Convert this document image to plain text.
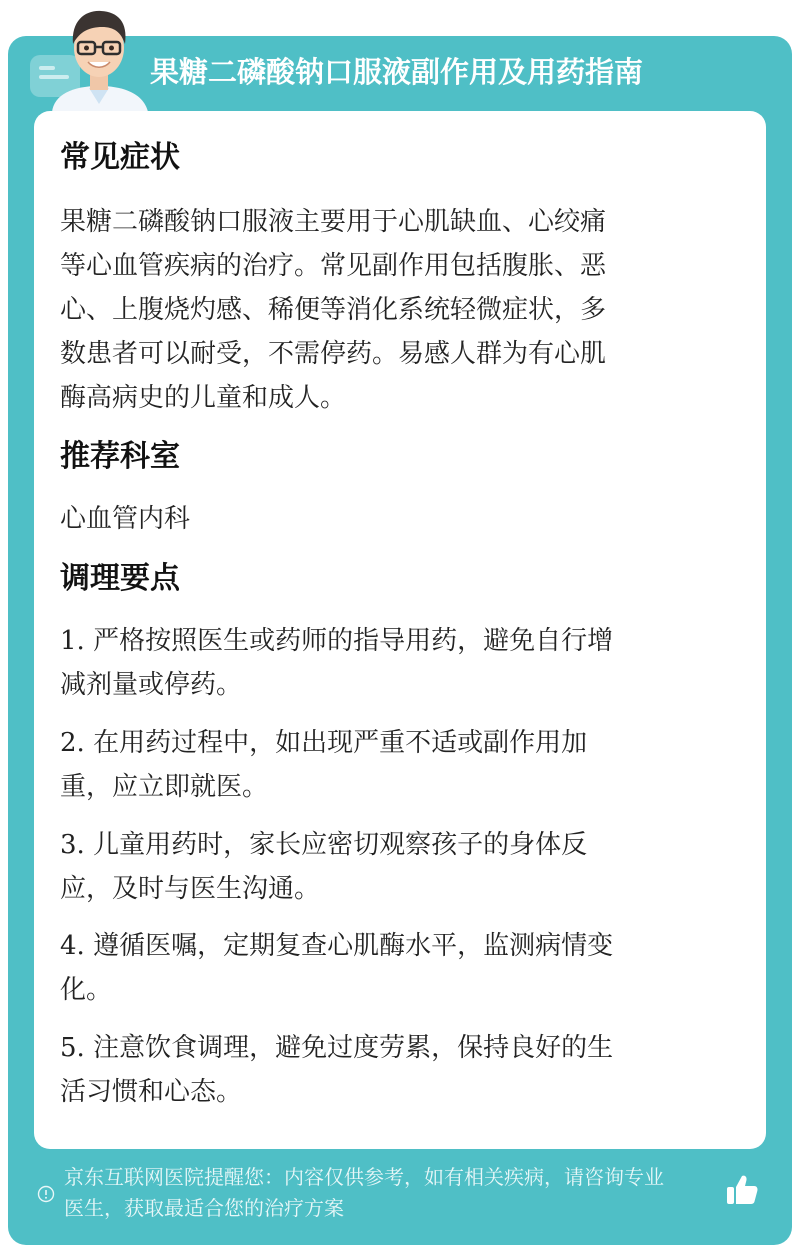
果糖二磷酸钠口服液副作用及用药指南
常见症状
果糖二磷酸钠口服液主要用于心肌缺血、心绞痛
等心血管疾病的治疗。常见副作用包括腹胀、恶
心、上腹烧灼感、稀便等消化系统轻微症状，多
数患者可以耐受，不需停药。易感人群为有心肌
酶高病史的儿童和成人。
推荐科室
心血管内科
调理要点
1. 严格按照医生或药师的指导用药，避免自行增
减剂量或停药。
2. 在用药过程中，如出现严重不适或副作用加
重，应立即就医。
3. 儿童用药时，家长应密切观察孩子的身体反
应，及时与医生沟通。
4. 遵循医嘱，定期复查心肌酶水平，监测病情变
化。
5. 注意饮食调理，避免过度劳累，保持良好的生
活习惯和心态。
京东互联网医院提醒您：内容仅供参考，如有相关疾病，请咨询专业
医生，获取最适合您的治疗方案
